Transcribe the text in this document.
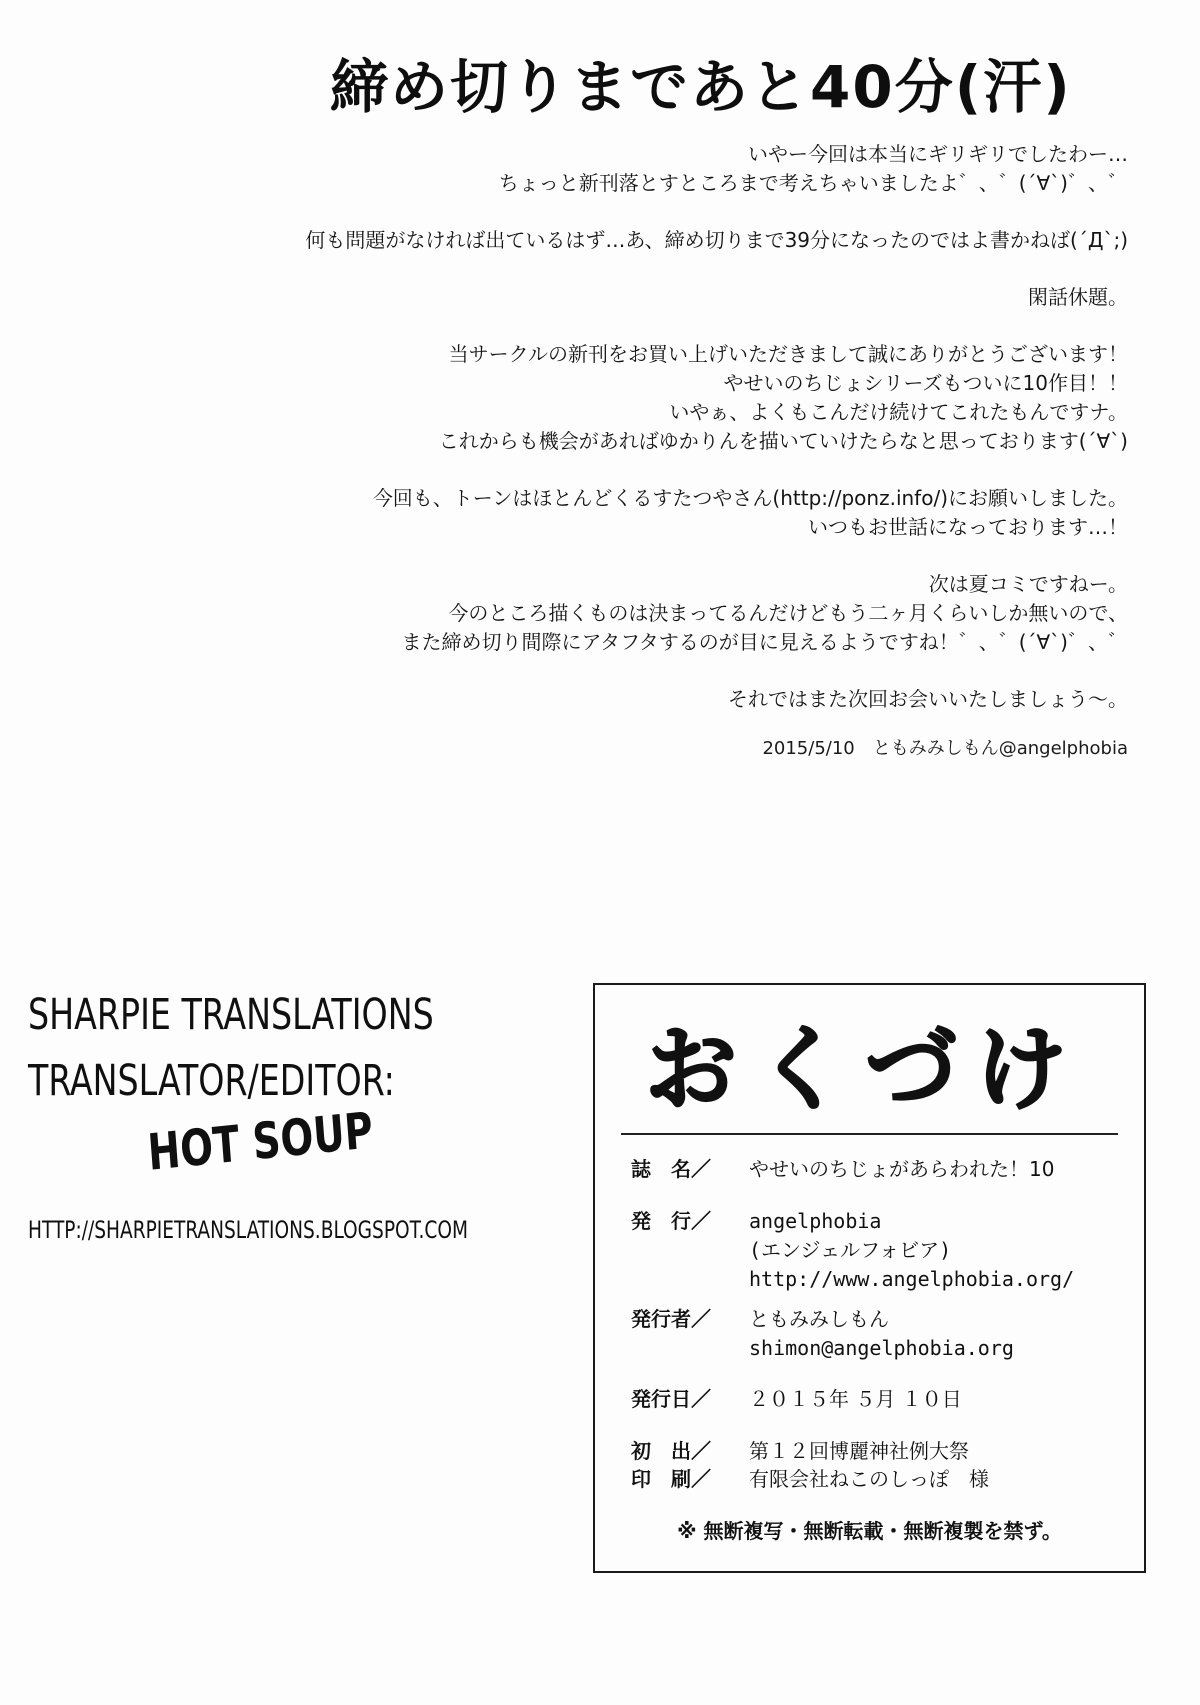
締め切りまであと40分(汗)

いやー今回は本当にギリギリでしたわー…
ちょっと新刊落とすところまで考えちゃいましたよ゛、゛(´∀`)゛、゛

何も問題がなければ出ているはず…あ、締め切りまで39分になったのではよ書かねば(´Д`;)

閑話休題。

当サークルの新刊をお買い上げいただきまして誠にありがとうございます！
やせいのちじょシリーズもついに10作目！！
いやぁ、よくもこんだけ続けてこれたもんですナ。
これからも機会があればゆかりんを描いていけたらなと思っております(´∀`)

今回も、トーンはほとんどくるすたつやさん(http://ponz.info/)にお願いしました。
いつもお世話になっております…！

次は夏コミですねー。
今のところ描くものは決まってるんだけどもう二ヶ月くらいしか無いので、
また締め切り間際にアタフタするのが目に見えるようですね！゛、゛(´∀`)゛、゛

それではまた次回お会いいたしましょう～。

2015/5/10　ともみみしもん@angelphobia
SHARPIE TRANSLATIONS
TRANSLATOR/EDITOR:
HOT SOUP
HTTP://SHARPIETRANSLATIONS.BLOGSPOT.COM
おくづけ
誌　名／	やせいのちじょがあらわれた！10
発　行／	angelphobia
(エンジェルフォビア)
http://www.angelphobia.org/
発行者／	ともみみしもん
shimon@angelphobia.org
発行日／	２０１５年 ５月 １０日
初　出／	第１２回博麗神社例大祭
印　刷／	有限会社ねこのしっぽ　様
※ 無断複写・無断転載・無断複製を禁ず。
